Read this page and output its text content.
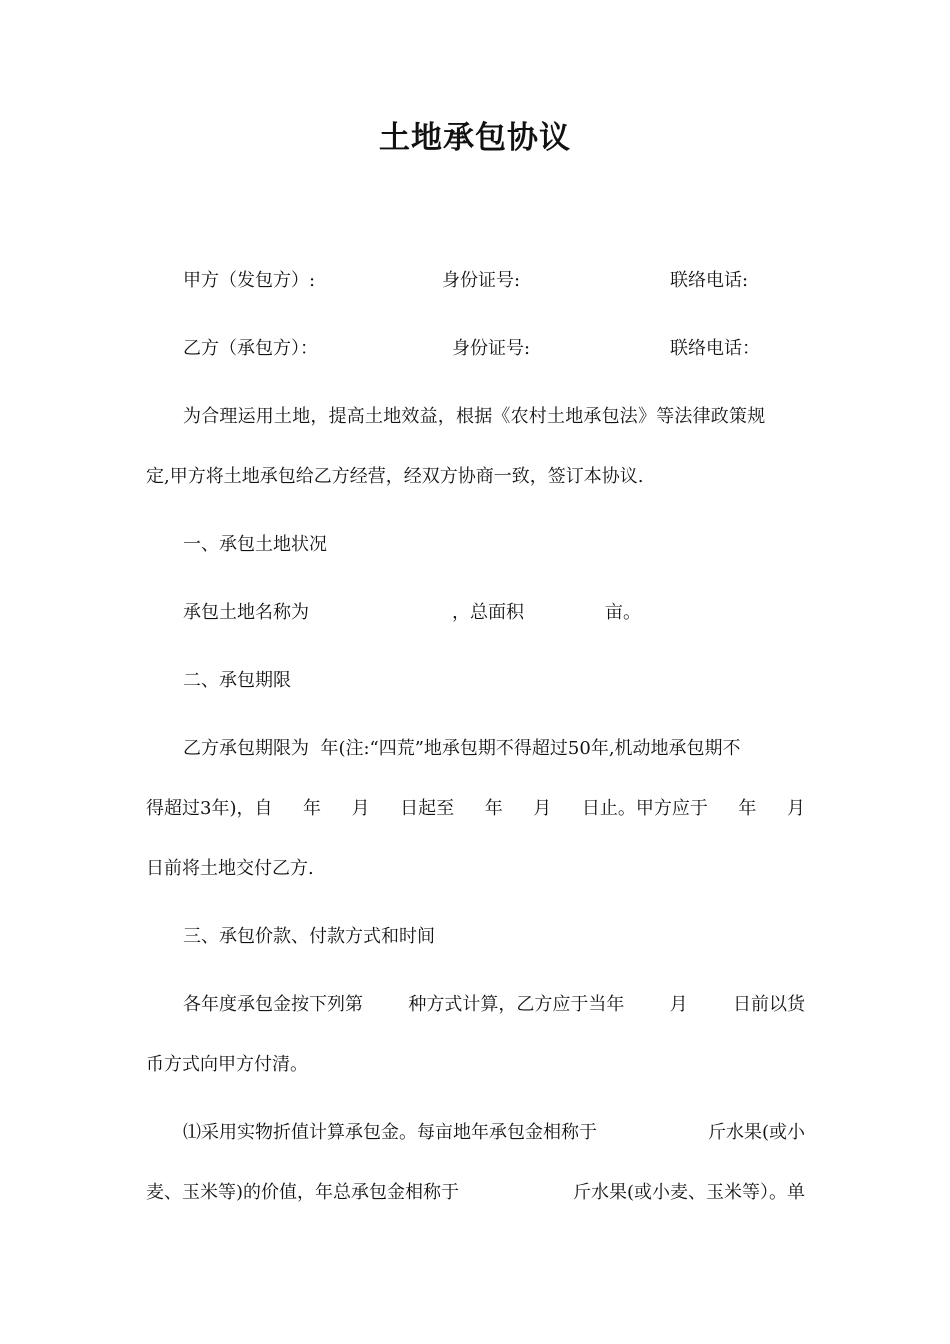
土地承包协议
甲方（发包方）:	身份证号:	联络电话:
乙方（承包方）：	身份证号:	联络电话：
为合理运用土地，提高土地效益，根据《农村土地承包法》等法律政策规
定,甲方将土地承包给乙方经营，经双方协商一致，签订本协议.
一、承包土地状况
承包土地名称为	，总面积	亩。
二、承包期限
乙方承包期限为  年(注:“四荒”地承包期不得超过50年,机动地承包期不
得超过3年)，自 年 月 日起至 年 月 日止。甲方应于 年 月
日前将土地交付乙方.
三、承包价款、付款方式和时间
各年度承包金按下列第	种方式计算，乙方应于当年	月	日前以货
币方式向甲方付清。
⑴采用实物折值计算承包金。每亩地年承包金相称于	斤水果(或小
麦、玉米等)的价值，年总承包金相称于	斤水果(或小麦、玉米等）。单
